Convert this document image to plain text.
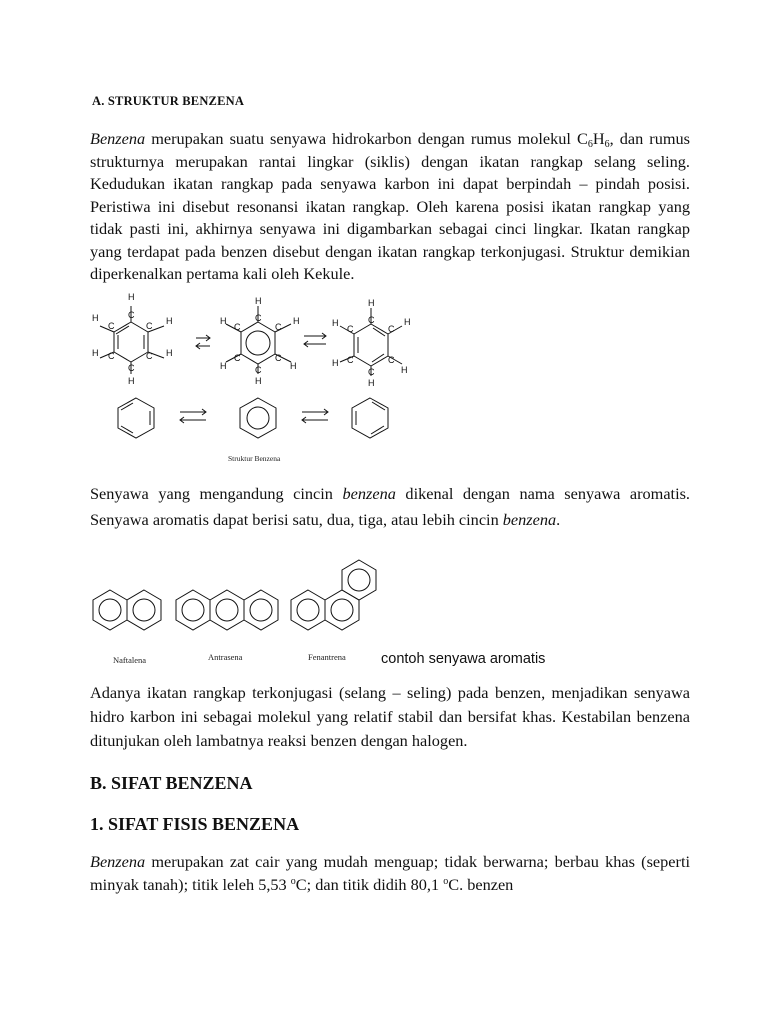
A. STRUKTUR BENZENA
Benzena merupakan suatu senyawa hidrokarbon dengan rumus molekul $C_6H_6$, dan rumus strukturnya merupakan rantai lingkar (siklis) dengan ikatan rangkap selang seling. Kedudukan ikatan rangkap pada senyawa karbon ini dapat berpindah – pindah posisi. Peristiwa ini disebut resonansi ikatan rangkap. Oleh karena posisi ikatan rangkap yang tidak pasti ini, akhirnya senyawa ini digambarkan sebagai cinci lingkar. Ikatan rangkap yang terdapat pada benzen disebut dengan ikatan rangkap terkonjugasi. Struktur demikian diperkenalkan pertama kali oleh Kekule.
H
C
C H
C H
C
H
C
H
C
H
H
C
C
H
C
H
C
H
C
H
C
H
H
C
C
H
C
H
C
H
C
H
C
H
Struktur Benzena
Senyawa yang mengandung cincin benzena dikenal dengan nama senyawa aromatis. Senyawa aromatis dapat berisi satu, dua, tiga, atau lebih cincin benzena.
Naftalena	Antrasena	Fenantrena contoh senyawa aromatis
Adanya ikatan rangkap terkonjugasi (selang – seling) pada benzen, menjadikan senyawa hidro karbon ini sebagai molekul yang relatif stabil dan bersifat khas. Kestabilan benzena ditunjukan oleh lambatnya reaksi benzen dengan halogen.
B. SIFAT BENZENA
1. SIFAT FISIS BENZENA
Benzena merupakan zat cair yang mudah menguap; tidak berwarna; berbau khas (seperti minyak tanah); titik leleh 5,53 $^o$C; dan titik didih 80,1 $^o$C. benzen
